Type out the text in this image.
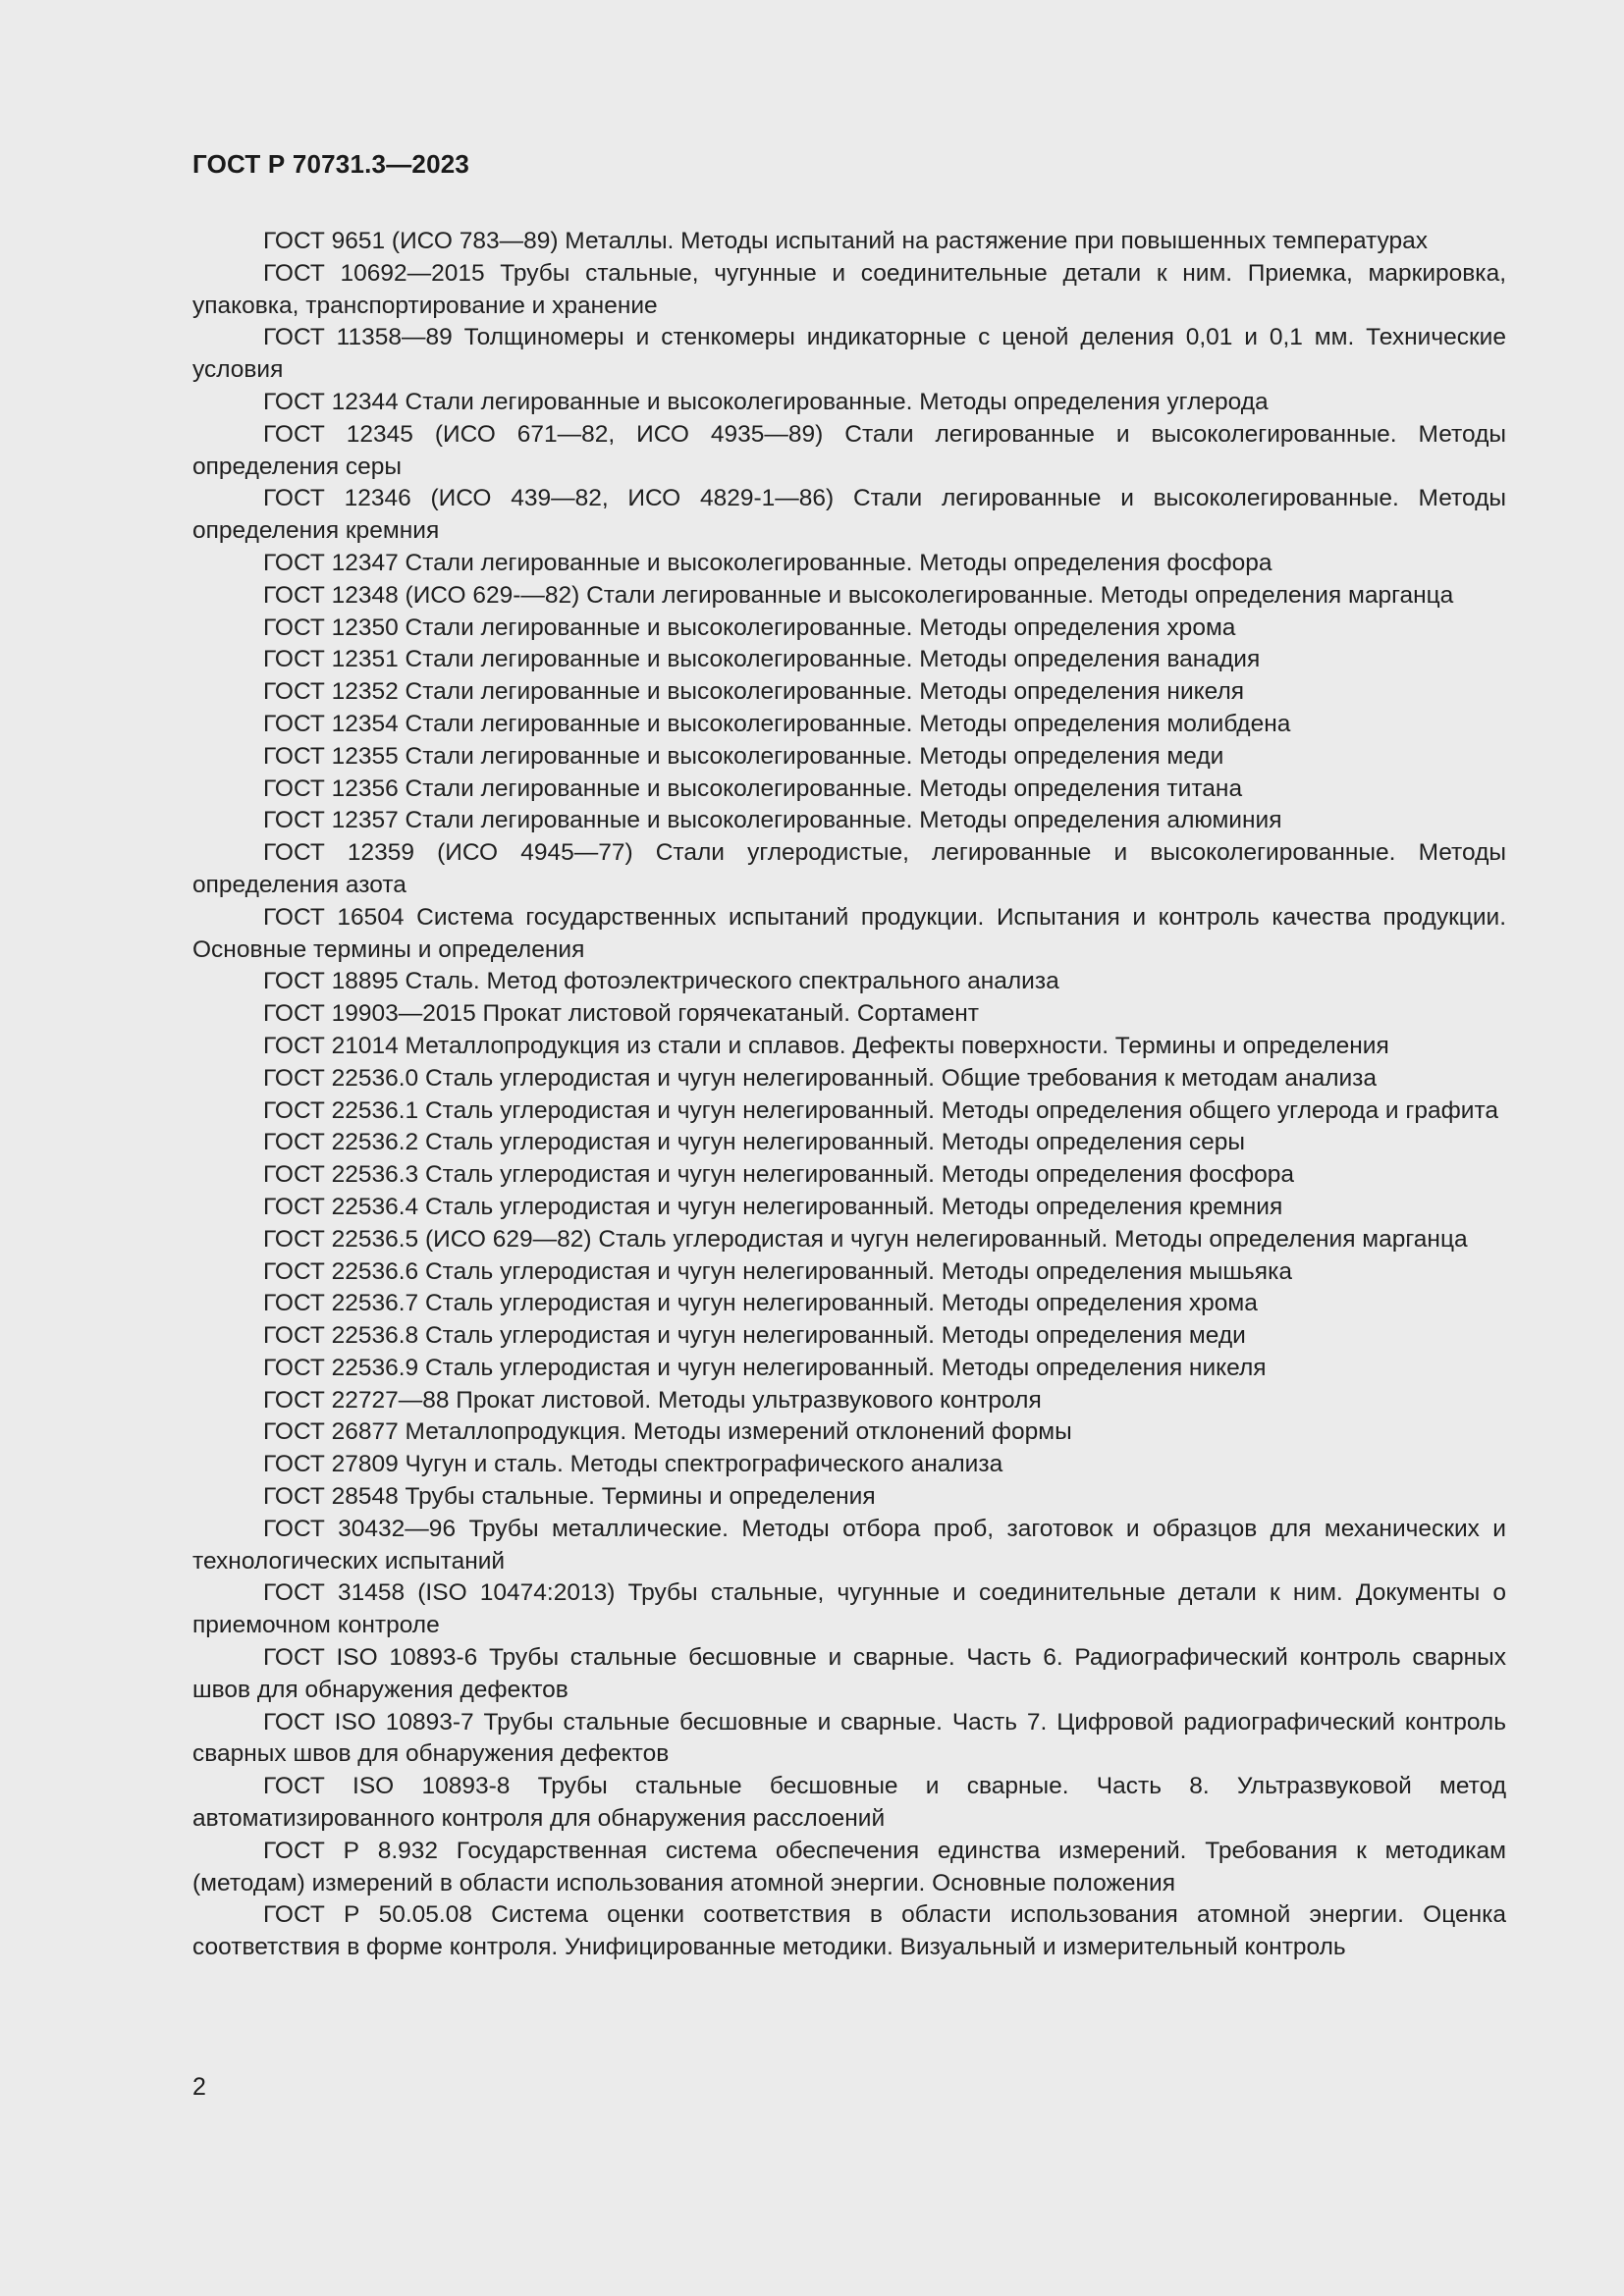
ГОСТ Р 70731.3—2023

ГОСТ 9651 (ИСО 783—89) Металлы. Методы испытаний на растяжение при повышенных температурах

ГОСТ 10692—2015 Трубы стальные, чугунные и соединительные детали к ним. Приемка, маркировка, упаковка, транспортирование и хранение

ГОСТ 11358—89 Толщиномеры и стенкомеры индикаторные с ценой деления 0,01 и 0,1 мм. Технические условия

ГОСТ 12344 Стали легированные и высоколегированные. Методы определения углерода

ГОСТ 12345 (ИСО 671—82, ИСО 4935—89) Стали легированные и высоколегированные. Методы определения серы

ГОСТ 12346 (ИСО 439—82, ИСО 4829-1—86) Стали легированные и высоколегированные. Методы определения кремния

ГОСТ 12347 Стали легированные и высоколегированные. Методы определения фосфора

ГОСТ 12348 (ИСО 629-—82) Стали легированные и высоколегированные. Методы определения марганца

ГОСТ 12350 Стали легированные и высоколегированные. Методы определения хрома

ГОСТ 12351 Стали легированные и высоколегированные. Методы определения ванадия

ГОСТ 12352 Стали легированные и высоколегированные. Методы определения никеля

ГОСТ 12354 Стали легированные и высоколегированные. Методы определения молибдена

ГОСТ 12355 Стали легированные и высоколегированные. Методы определения меди

ГОСТ 12356 Стали легированные и высоколегированные. Методы определения титана

ГОСТ 12357 Стали легированные и высоколегированные. Методы определения алюминия

ГОСТ 12359 (ИСО 4945—77) Стали углеродистые, легированные и высоколегированные. Методы определения азота

ГОСТ 16504 Система государственных испытаний продукции. Испытания и контроль качества продукции. Основные термины и определения

ГОСТ 18895 Сталь. Метод фотоэлектрического спектрального анализа

ГОСТ 19903—2015 Прокат листовой горячекатаный. Сортамент

ГОСТ 21014 Металлопродукция из стали и сплавов. Дефекты поверхности. Термины и определения

ГОСТ 22536.0 Сталь углеродистая и чугун нелегированный. Общие требования к методам анализа

ГОСТ 22536.1 Сталь углеродистая и чугун нелегированный. Методы определения общего углерода и графита

ГОСТ 22536.2 Сталь углеродистая и чугун нелегированный. Методы определения серы

ГОСТ 22536.3 Сталь углеродистая и чугун нелегированный. Методы определения фосфора

ГОСТ 22536.4 Сталь углеродистая и чугун нелегированный. Методы определения кремния

ГОСТ 22536.5 (ИСО 629—82) Сталь углеродистая и чугун нелегированный. Методы определения марганца

ГОСТ 22536.6 Сталь углеродистая и чугун нелегированный. Методы определения мышьяка

ГОСТ 22536.7 Сталь углеродистая и чугун нелегированный. Методы определения хрома

ГОСТ 22536.8 Сталь углеродистая и чугун нелегированный. Методы определения меди

ГОСТ 22536.9 Сталь углеродистая и чугун нелегированный. Методы определения никеля

ГОСТ 22727—88 Прокат листовой. Методы ультразвукового контроля

ГОСТ 26877 Металлопродукция. Методы измерений отклонений формы

ГОСТ 27809 Чугун и сталь. Методы спектрографического анализа

ГОСТ 28548 Трубы стальные. Термины и определения

ГОСТ 30432—96 Трубы металлические. Методы отбора проб, заготовок и образцов для механических и технологических испытаний

ГОСТ 31458 (ISO 10474:2013) Трубы стальные, чугунные и соединительные детали к ним. Документы о приемочном контроле

ГОСТ ISO 10893-6 Трубы стальные бесшовные и сварные. Часть 6. Радиографический контроль сварных швов для обнаружения дефектов

ГОСТ ISO 10893-7 Трубы стальные бесшовные и сварные. Часть 7. Цифровой радиографический контроль сварных швов для обнаружения дефектов

ГОСТ ISO 10893-8 Трубы стальные бесшовные и сварные. Часть 8. Ультразвуковой метод автоматизированного контроля для обнаружения расслоений

ГОСТ Р 8.932 Государственная система обеспечения единства измерений. Требования к методикам (методам) измерений в области использования атомной энергии. Основные положения

ГОСТ Р 50.05.08 Система оценки соответствия в области использования атомной энергии. Оценка соответствия в форме контроля. Унифицированные методики. Визуальный и измерительный контроль

2
